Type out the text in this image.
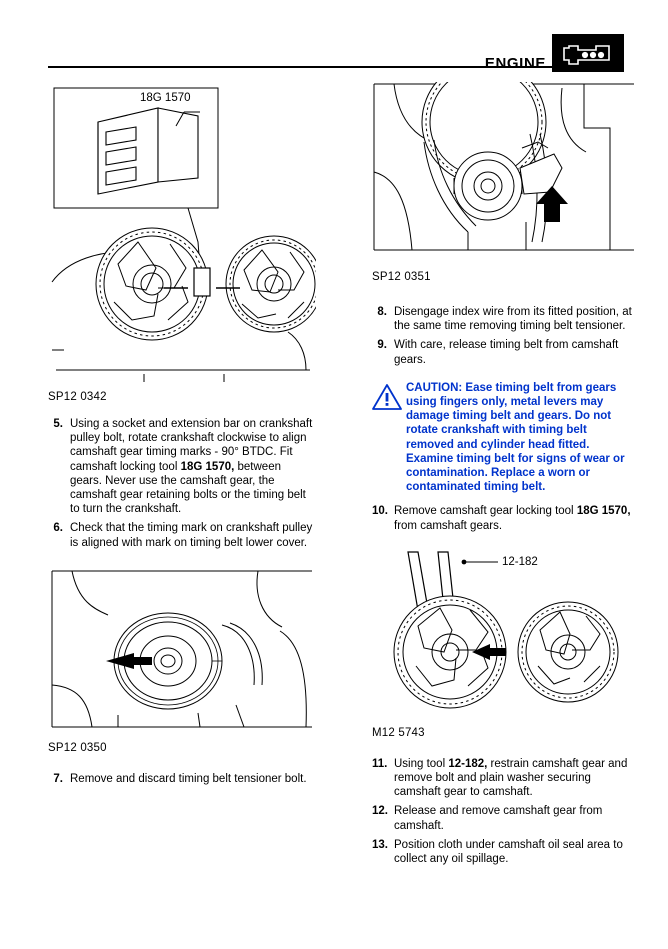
ENGINE
18G 1570
SP12 0342
5. Using a socket and extension bar on crankshaft pulley bolt, rotate crankshaft clockwise to align camshaft gear timing marks - 90° BTDC. Fit camshaft locking tool 18G 1570, between gears. Never use the camshaft gear, the camshaft gear retaining bolts or the timing belt to turn the crankshaft.
6. Check that the timing mark on crankshaft pulley is aligned with mark on timing belt lower cover.
SP12 0350
7. Remove and discard timing belt tensioner bolt.
SP12 0351
8. Disengage index wire from its fitted position, at the same time removing timing belt tensioner.
9. With care, release timing belt from camshaft gears.
CAUTION: Ease timing belt from gears using fingers only, metal levers may damage timing belt and gears. Do not rotate crankshaft with timing belt removed and cylinder head fitted. Examine timing belt for signs of wear or contamination. Replace a worn or contaminated timing belt.
10. Remove camshaft gear locking tool 18G 1570, from camshaft gears.
12-182
M12 5743
11. Using tool 12-182, restrain camshaft gear and remove bolt and plain washer securing camshaft gear to camshaft.
12. Release and remove camshaft gear from camshaft.
13. Position cloth under camshaft oil seal area to collect any oil spillage.
